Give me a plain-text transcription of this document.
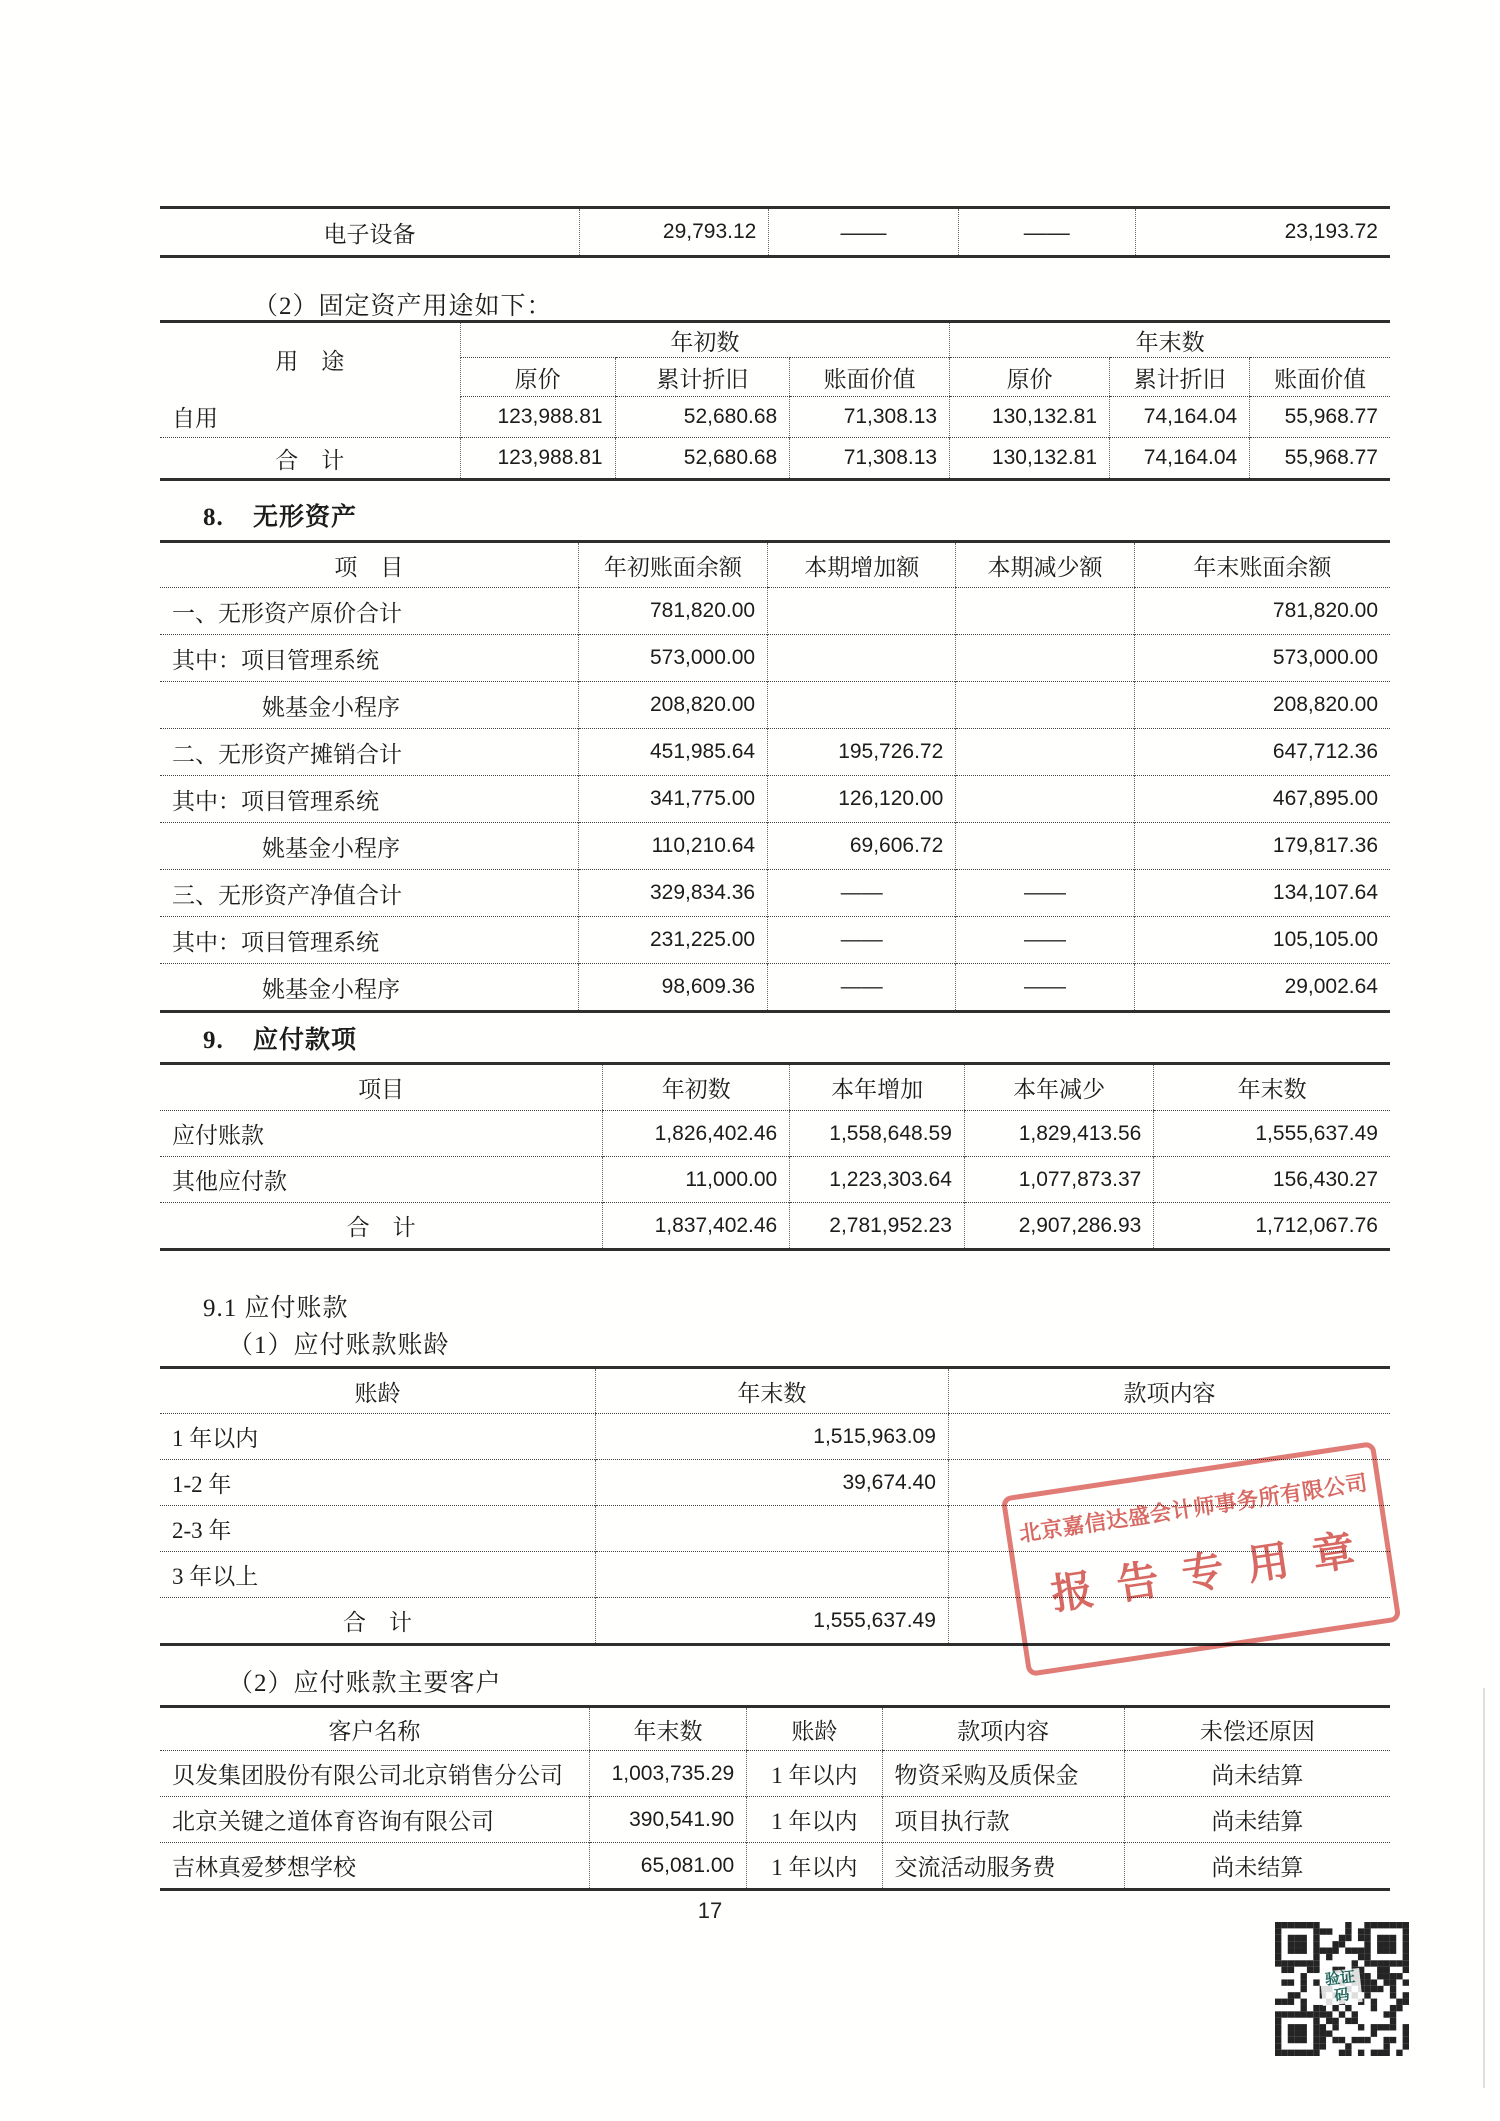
电子设备	29,793.12	——	——	23,193.72
（2）固定资产用途如下：
用　途	年初数			年末数		
	原价	累计折旧	账面价值	原价	累计折旧	账面价值
自用	123,988.81	52,680.68	71,308.13	130,132.81	74,164.04	55,968.77
合　计	123,988.81	52,680.68	71,308.13	130,132.81	74,164.04	55,968.77
8. 无形资产
项　目	年初账面余额	本期增加额	本期减少额	年末账面余额
一、无形资产原价合计	781,820.00			781,820.00
其中：项目管理系统	573,000.00			573,000.00
姚基金小程序	208,820.00			208,820.00
二、无形资产摊销合计	451,985.64	195,726.72		647,712.36
其中：项目管理系统	341,775.00	126,120.00		467,895.00
姚基金小程序	110,210.64	69,606.72		179,817.36
三、无形资产净值合计	329,834.36	——	——	134,107.64
其中：项目管理系统	231,225.00	——	——	105,105.00
姚基金小程序	98,609.36	——	——	29,002.64
9. 应付款项
项目	年初数	本年增加	本年减少	年末数
应付账款	1,826,402.46	1,558,648.59	1,829,413.56	1,555,637.49
其他应付款	11,000.00	1,223,303.64	1,077,873.37	156,430.27
合　计	1,837,402.46	2,781,952.23	2,907,286.93	1,712,067.76
9.1 应付账款
（1）应付账款账龄
账龄	年末数	款项内容
1 年以内	1,515,963.09	
1-2 年	39,674.40	
2-3 年		
3 年以上		
合　计	1,555,637.49	
（2）应付账款主要客户
客户名称	年末数	账龄	款项内容	未偿还原因
贝发集团股份有限公司北京销售分公司	1,003,735.29	1 年以内	物资采购及质保金	尚未结算
北京关键之道体育咨询有限公司	390,541.90	1 年以内	项目执行款	尚未结算
吉林真爱梦想学校	65,081.00	1 年以内	交流活动服务费	尚未结算
北京嘉信达盛会计师事务所有限公司
报告专用章
17
验证码
